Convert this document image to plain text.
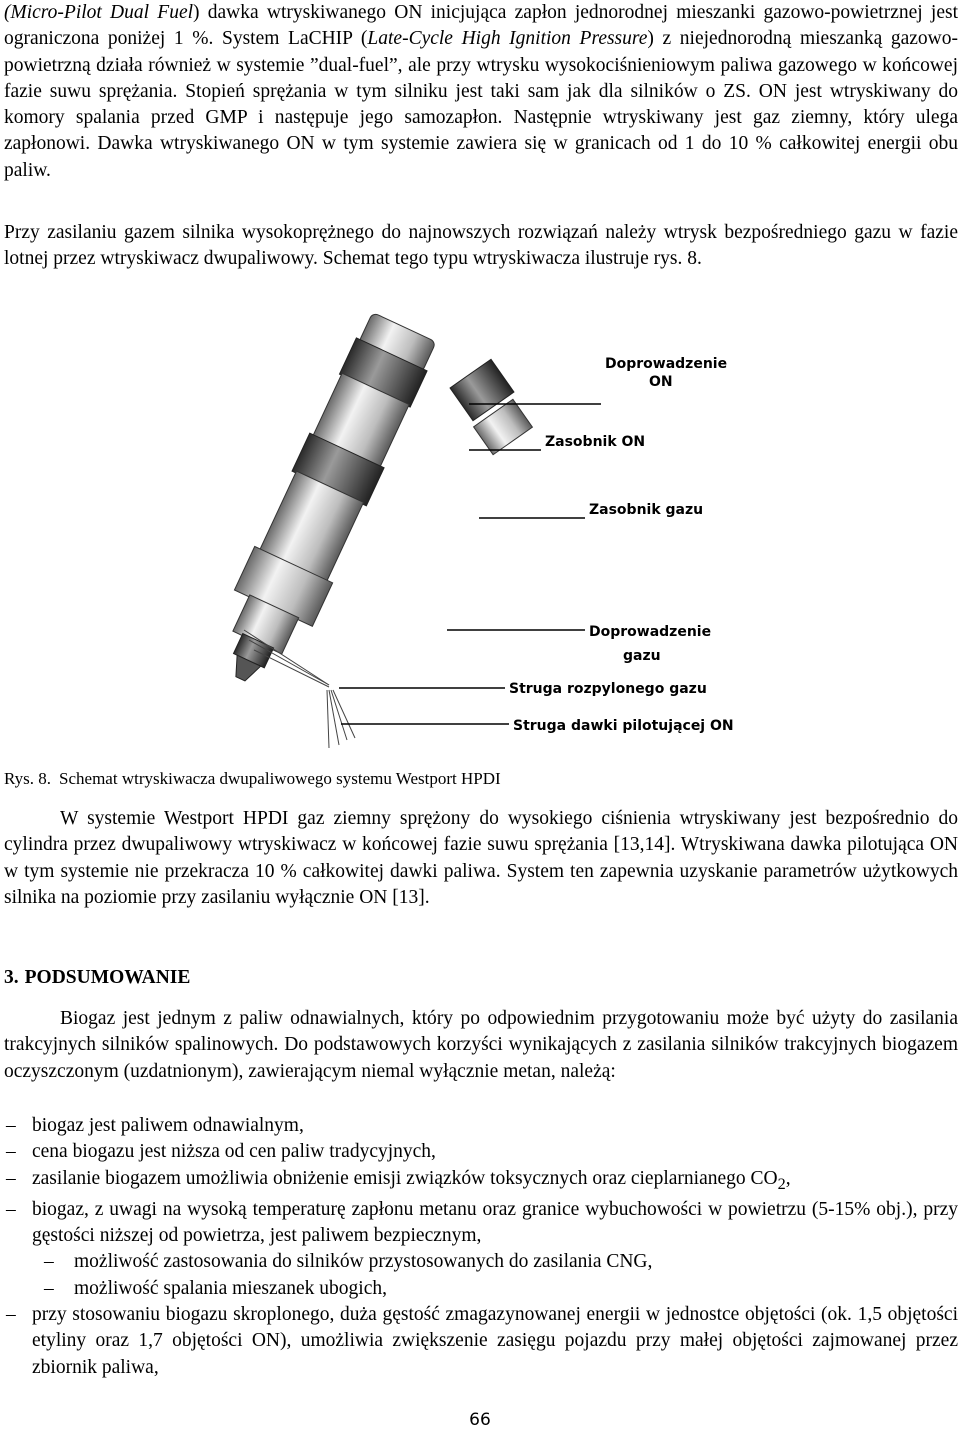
(Micro-Pilot Dual Fuel) dawka wtryskiwanego ON inicjująca zapłon jednorodnej mieszanki gazowo-powietrznej jest ograniczona poniżej 1 %. System LaCHIP (Late-Cycle High Ignition Pressure) z niejednorodną mieszanką gazowo-powietrzną działa również w systemie ”dual-fuel”, ale przy wtrysku wysokociśnieniowym paliwa gazowego w końcowej fazie suwu sprężania. Stopień sprężania w tym silniku jest taki sam jak dla silników o ZS. ON jest wtryskiwany do komory spalania przed GMP i następuje jego samozapłon. Następnie wtryskiwany jest gaz ziemny, który ulega zapłonowi. Dawka wtryskiwanego ON w tym systemie zawiera się w granicach od 1 do 10 % całkowitej energii obu paliw.

Przy zasilaniu gazem silnika wysokoprężnego do najnowszych rozwiązań należy wtrysk bezpośredniego gazu w fazie lotnej przez wtryskiwacz dwupaliwowy. Schemat tego typu wtryskiwacza ilustruje rys. 8.

Doprowadzenie
ON
Zasobnik ON
Zasobnik gazu
Doprowadzenie
gazu
Struga rozpylonego gazu
Struga dawki pilotującej ON
Rys. 8. Schemat wtryskiwacza dwupaliwowego systemu Westport HPDI

W systemie Westport HPDI gaz ziemny sprężony do wysokiego ciśnienia wtryskiwany jest bezpośrednio do cylindra przez dwupaliwowy wtryskiwacz w końcowej fazie suwu sprężania [13,14]. Wtryskiwana dawka pilotująca ON w tym systemie nie przekracza 10 % całkowitej dawki paliwa. System ten zapewnia uzyskanie parametrów użytkowych silnika na poziomie przy zasilaniu wyłącznie ON [13].

3. PODSUMOWANIE

Biogaz jest jednym z paliw odnawialnych, który po odpowiednim przygotowaniu może być użyty do zasilania trakcyjnych silników spalinowych. Do podstawowych korzyści wynikających z zasilania silników trakcyjnych biogazem oczyszczonym (uzdatnionym), zawierającym niemal wyłącznie metan, należą:

– biogaz jest paliwem odnawialnym,
– cena biogazu jest niższa od cen paliw tradycyjnych,
– zasilanie biogazem umożliwia obniżenie emisji związków toksycznych oraz cieplarnianego $CO_2$,
– biogaz, z uwagi na wysoką temperaturę zapłonu metanu oraz granice wybuchowości w powietrzu (5-15% obj.), przy gęstości niższej od powietrza, jest paliwem bezpiecznym,
– możliwość zastosowania do silników przystosowanych do zasilania CNG,
– możliwość spalania mieszanek ubogich,
– przy stosowaniu biogazu skroplonego, duża gęstość zmagazynowanej energii w jednostce objętości (ok. 1,5 objętości etyliny oraz 1,7 objętości ON), umożliwia zwiększenie zasięgu pojazdu przy małej objętości zajmowanej przez zbiornik paliwa,
66
